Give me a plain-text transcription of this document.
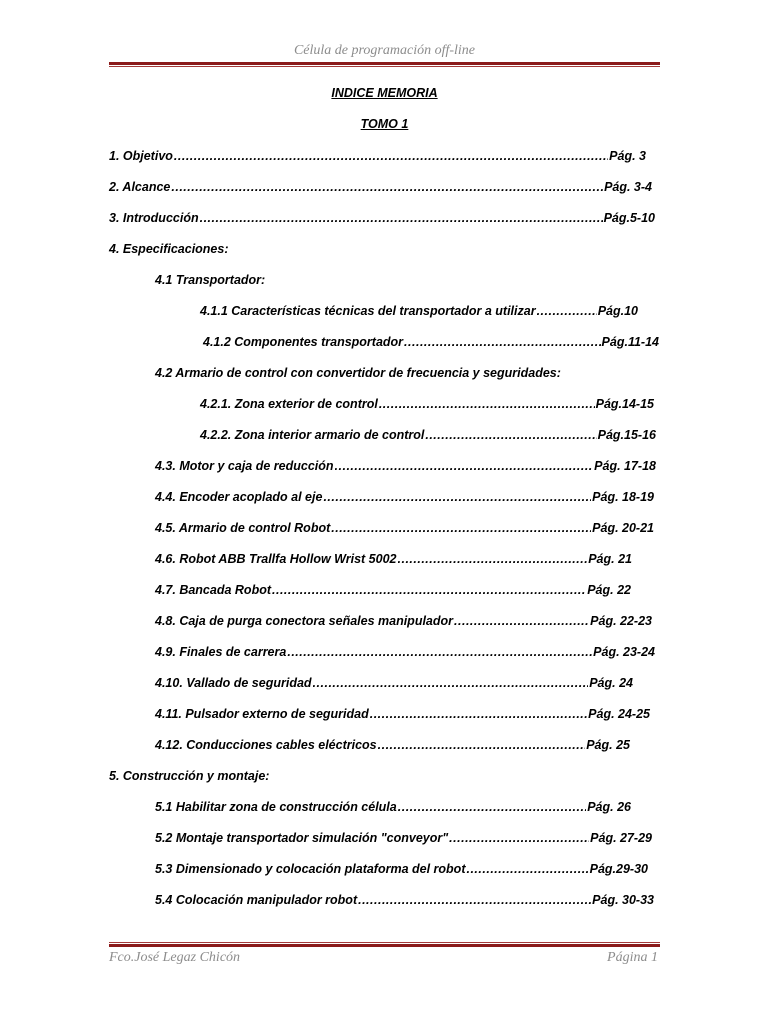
Célula de programación off-line
INDICE MEMORIA
TOMO 1
1. Objetivo .....	Pág. 3
2. Alcance .....	Pág. 3-4
3. Introducción .....	Pág.5-10
4. Especificaciones:
4.1 Transportador:
4.1.1 Características técnicas del transportador a utilizar .....	Pág.10
4.1.2 Componentes transportador .....	Pág.11-14
4.2 Armario de control con convertidor de frecuencia y seguridades:
4.2.1. Zona exterior de control .....	Pág.14-15
4.2.2. Zona interior armario de control .....	Pág.15-16
4.3. Motor y caja de reducción .....	Pág. 17-18
4.4. Encoder acoplado al eje .....	Pág. 18-19
4.5. Armario de control Robot .....	Pág. 20-21
4.6. Robot ABB Trallfa Hollow Wrist 5002 .....	Pág. 21
4.7. Bancada Robot .....	Pág. 22
4.8. Caja de purga conectora señales manipulador .....	Pág. 22-23
4.9. Finales de carrera .....	Pág. 23-24
4.10. Vallado de seguridad .....	Pág. 24
4.11. Pulsador externo de seguridad .....	Pág. 24-25
4.12. Conducciones cables eléctricos .....	Pág. 25
5. Construcción y montaje:
5.1 Habilitar zona de construcción célula .....	Pág. 26
5.2 Montaje transportador simulación "conveyor" .....	Pág. 27-29
5.3 Dimensionado y colocación plataforma del robot .....	Pág.29-30
5.4 Colocación manipulador robot .....	Pág. 30-33
Fco.José Legaz Chicón	Página 1
